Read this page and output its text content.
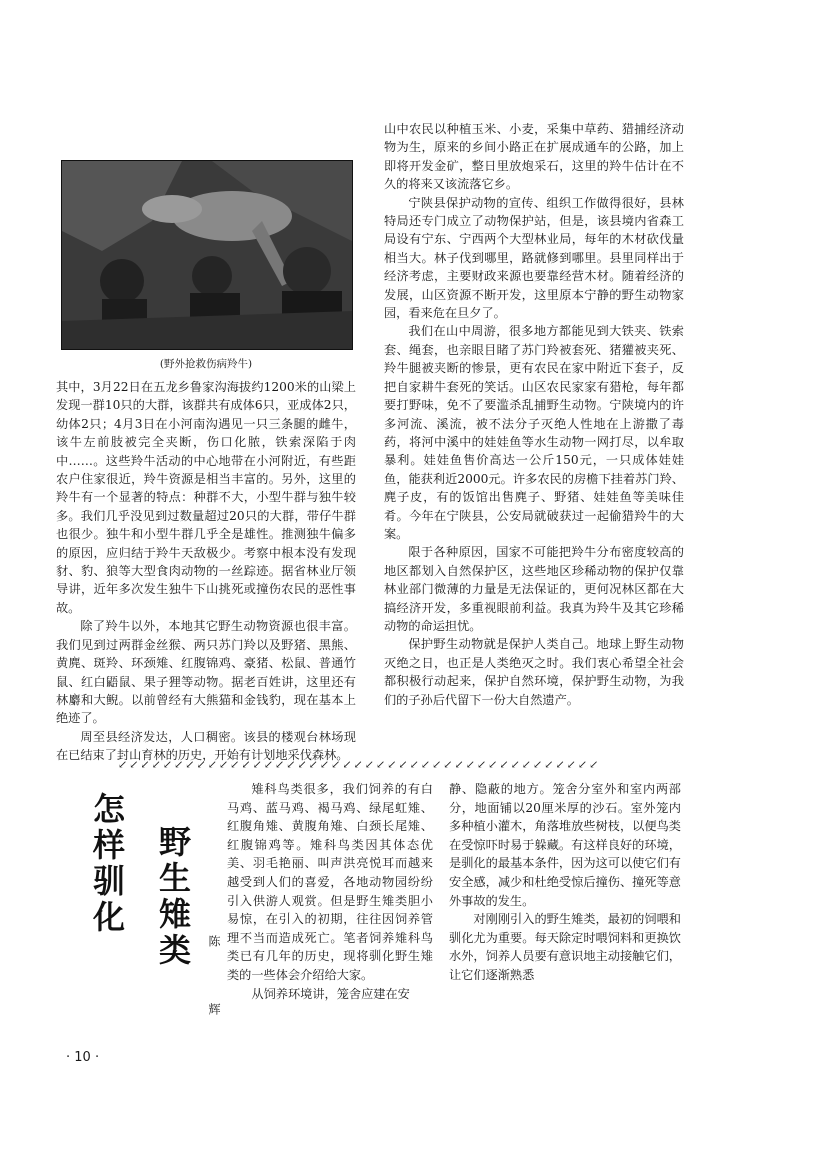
(野外抢救伤病羚牛)

其中，3月22日在五龙乡鲁家沟海拔约1200米的山梁上发现一群10只的大群，该群共有成体6只，亚成体2只，幼体2只；4月3日在小河南沟遇见一只三条腿的雌牛，该牛左前肢被完全夹断，伤口化脓，铁索深陷于肉中……。这些羚牛活动的中心地带在小河附近，有些距农户住家很近，羚牛资源是相当丰富的。另外，这里的羚牛有一个显著的特点：种群不大，小型牛群与独牛较多。我们几乎没见到过数量超过20只的大群，带仔牛群也很少。独牛和小型牛群几乎全是雄性。推测独牛偏多的原因，应归结于羚牛天敌极少。考察中根本没有发现豺、豹、狼等大型食肉动物的一丝踪迹。据省林业厅领导讲，近年多次发生独牛下山挑死或撞伤农民的恶性事故。

除了羚牛以外，本地其它野生动物资源也很丰富。我们见到过两群金丝猴、两只苏门羚以及野猪、黑熊、黄麂、斑羚、环颈雉、红腹锦鸡、豪猪、松鼠、普通竹鼠、红白鼯鼠、果子狸等动物。据老百姓讲，这里还有林麝和大鲵。以前曾经有大熊猫和金钱豹，现在基本上绝迹了。

周至县经济发达，人口稠密。该县的楼观台林场现在已结束了封山育林的历史，开始有计划地采伐森林。

山中农民以种植玉米、小麦，采集中草药、猎捕经济动物为生，原来的乡间小路正在扩展成通车的公路，加上即将开发金矿，整日里放炮采石，这里的羚牛估计在不久的将来又该流落它乡。

宁陕县保护动物的宣传、组织工作做得很好，县林特局还专门成立了动物保护站，但是，该县境内省森工局设有宁东、宁西两个大型林业局，每年的木材砍伐量相当大。林子伐到哪里，路就修到哪里。县里同样出于经济考虑，主要财政来源也要靠经营木材。随着经济的发展，山区资源不断开发，这里原本宁静的野生动物家园，看来危在旦夕了。

我们在山中周游，很多地方都能见到大铁夹、铁索套、绳套，也亲眼目睹了苏门羚被套死、猪獾被夹死、羚牛腿被夹断的惨景，更有农民在家中附近下套子，反把自家耕牛套死的笑话。山区农民家家有猎枪，每年都要打野味，免不了要滥杀乱捕野生动物。宁陕境内的许多河流、溪流，被不法分子灭绝人性地在上游撒了毒药，将河中溪中的娃娃鱼等水生动物一网打尽，以牟取暴利。娃娃鱼售价高达一公斤150元，一只成体娃娃鱼，能获利近2000元。许多农民的房檐下挂着苏门羚、麂子皮，有的饭馆出售麂子、野猪、娃娃鱼等美味佳肴。今年在宁陕县，公安局就破获过一起偷猎羚牛的大案。

限于各种原因，国家不可能把羚牛分布密度较高的地区都划入自然保护区，这些地区珍稀动物的保护仅靠林业部门微薄的力量是无法保证的，更何况林区都在大搞经济开发，多重视眼前利益。我真为羚牛及其它珍稀动物的命运担忧。

保护野生动物就是保护人类自己。地球上野生动物灭绝之日，也正是人类绝灭之时。我们衷心希望全社会都积极行动起来，保护自然环境，保护野生动物，为我们的子孙后代留下一份大自然遗产。

↙↙↙↙↙↙↙↙↙↙↙↙↙↙↙↙↙↙↙↙↙↙↙↙↙↙↙↙↙↙↙↙↙↙↙↙↙↙↙↙↙↙↙
怎样驯化 野生雉类
陈 辉

雉科鸟类很多，我们饲养的有白马鸡、蓝马鸡、褐马鸡、绿尾虹雉、红腹角雉、黄腹角雉、白颈长尾雉、红腹锦鸡等。雉科鸟类因其体态优美、羽毛艳丽、叫声洪亮悦耳而越来越受到人们的喜爱，各地动物园纷纷引入供游人观赏。但是野生雉类胆小易惊，在引入的初期，往往因饲养管理不当而造成死亡。笔者饲养雉科鸟类已有几年的历史，现将驯化野生雉类的一些体会介绍给大家。

从饲养环境讲，笼舍应建在安

静、隐蔽的地方。笼舍分室外和室内两部分，地面铺以20厘米厚的沙石。室外笼内多种植小灌木，角落堆放些树枝，以便鸟类在受惊吓时易于躲藏。有这样良好的环境，是驯化的最基本条件，因为这可以使它们有安全感，减少和杜绝受惊后撞伤、撞死等意外事故的发生。

对刚刚引入的野生雉类，最初的饲喂和驯化尤为重要。每天除定时喂饲料和更换饮水外，饲养人员要有意识地主动接触它们，让它们逐渐熟悉

· 10 ·
